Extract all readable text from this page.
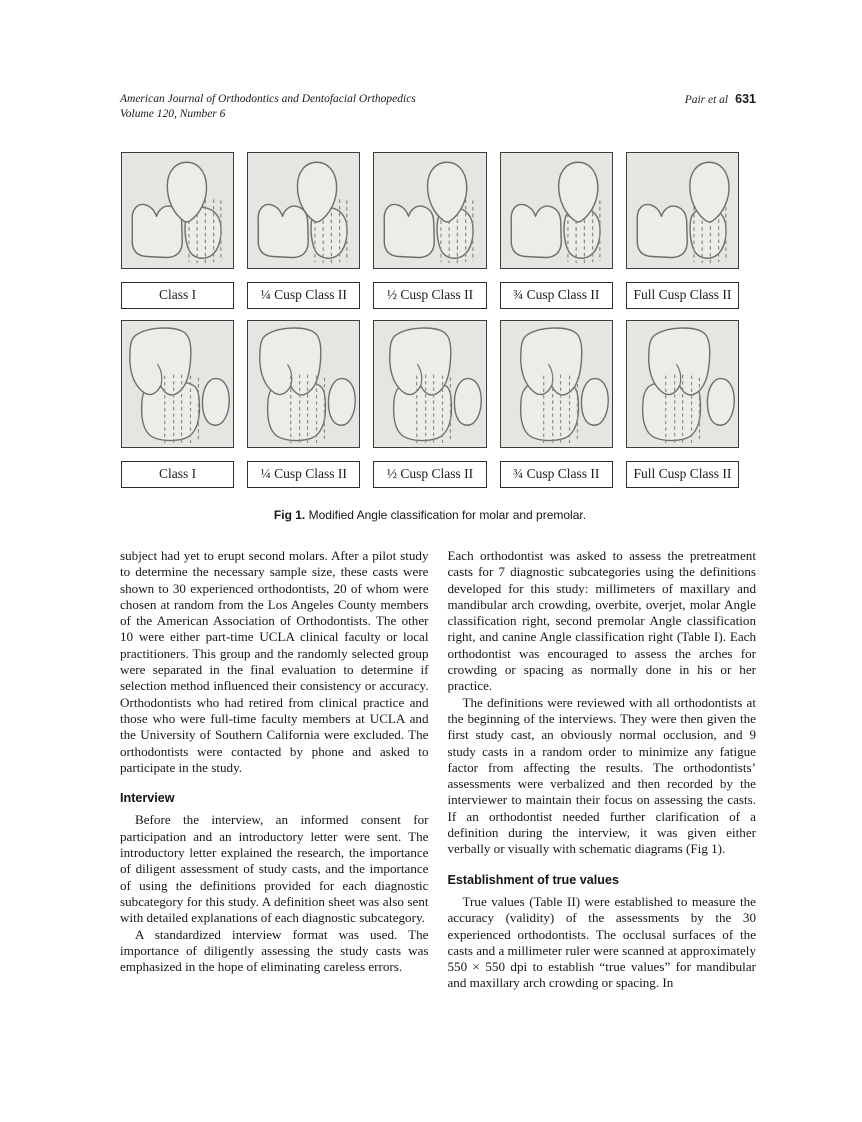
American Journal of Orthodontics and Dentofacial Orthopedics
Volume 120, Number 6
Pair et al 631
Class I	¼ Cusp Class II	½ Cusp Class II	¾ Cusp Class II	Full Cusp Class II
Class I	¼ Cusp Class II	½ Cusp Class II	¾ Cusp Class II	Full Cusp Class II
Fig 1. Modified Angle classification for molar and premolar.

subject had yet to erupt second molars. After a pilot study to determine the necessary sample size, these casts were shown to 30 experienced orthodontists, 20 of whom were chosen at random from the Los Angeles County members of the American Association of Orthodontists. The other 10 were either part-time UCLA clinical faculty or local practitioners. This group and the randomly selected group were separated in the final evaluation to determine if selection method influenced their consistency or accuracy. Orthodontists who had retired from clinical practice and those who were full-time faculty members at UCLA and the University of Southern California were excluded. The orthodontists were contacted by phone and asked to participate in the study.

Interview

Before the interview, an informed consent for participation and an introductory letter were sent. The introductory letter explained the research, the importance of diligent assessment of study casts, and the importance of using the definitions provided for each diagnostic subcategory for this study. A definition sheet was also sent with detailed explanations of each diagnostic subcategory.

A standardized interview format was used. The importance of diligently assessing the study casts was emphasized in the hope of eliminating careless errors.

Each orthodontist was asked to assess the pretreatment casts for 7 diagnostic subcategories using the definitions developed for this study: millimeters of maxillary and mandibular arch crowding, overbite, overjet, molar Angle classification right, second premolar Angle classification right, and canine Angle classification right (Table I). Each orthodontist was encouraged to assess the arches for crowding or spacing as normally done in his or her practice.

The definitions were reviewed with all orthodontists at the beginning of the interviews. They were then given the first study cast, an obviously normal occlusion, and 9 study casts in a random order to minimize any fatigue factor from affecting the results. The orthodontists’ assessments were verbalized and then recorded by the interviewer to maintain their focus on assessing the casts. If an orthodontist needed further clarification of a definition during the interview, it was given either verbally or visually with schematic diagrams (Fig 1).

Establishment of true values

True values (Table II) were established to measure the accuracy (validity) of the assessments by the 30 experienced orthodontists. The occlusal surfaces of the casts and a millimeter ruler were scanned at approximately 550 × 550 dpi to establish “true values” for mandibular and maxillary arch crowding or spacing. In
